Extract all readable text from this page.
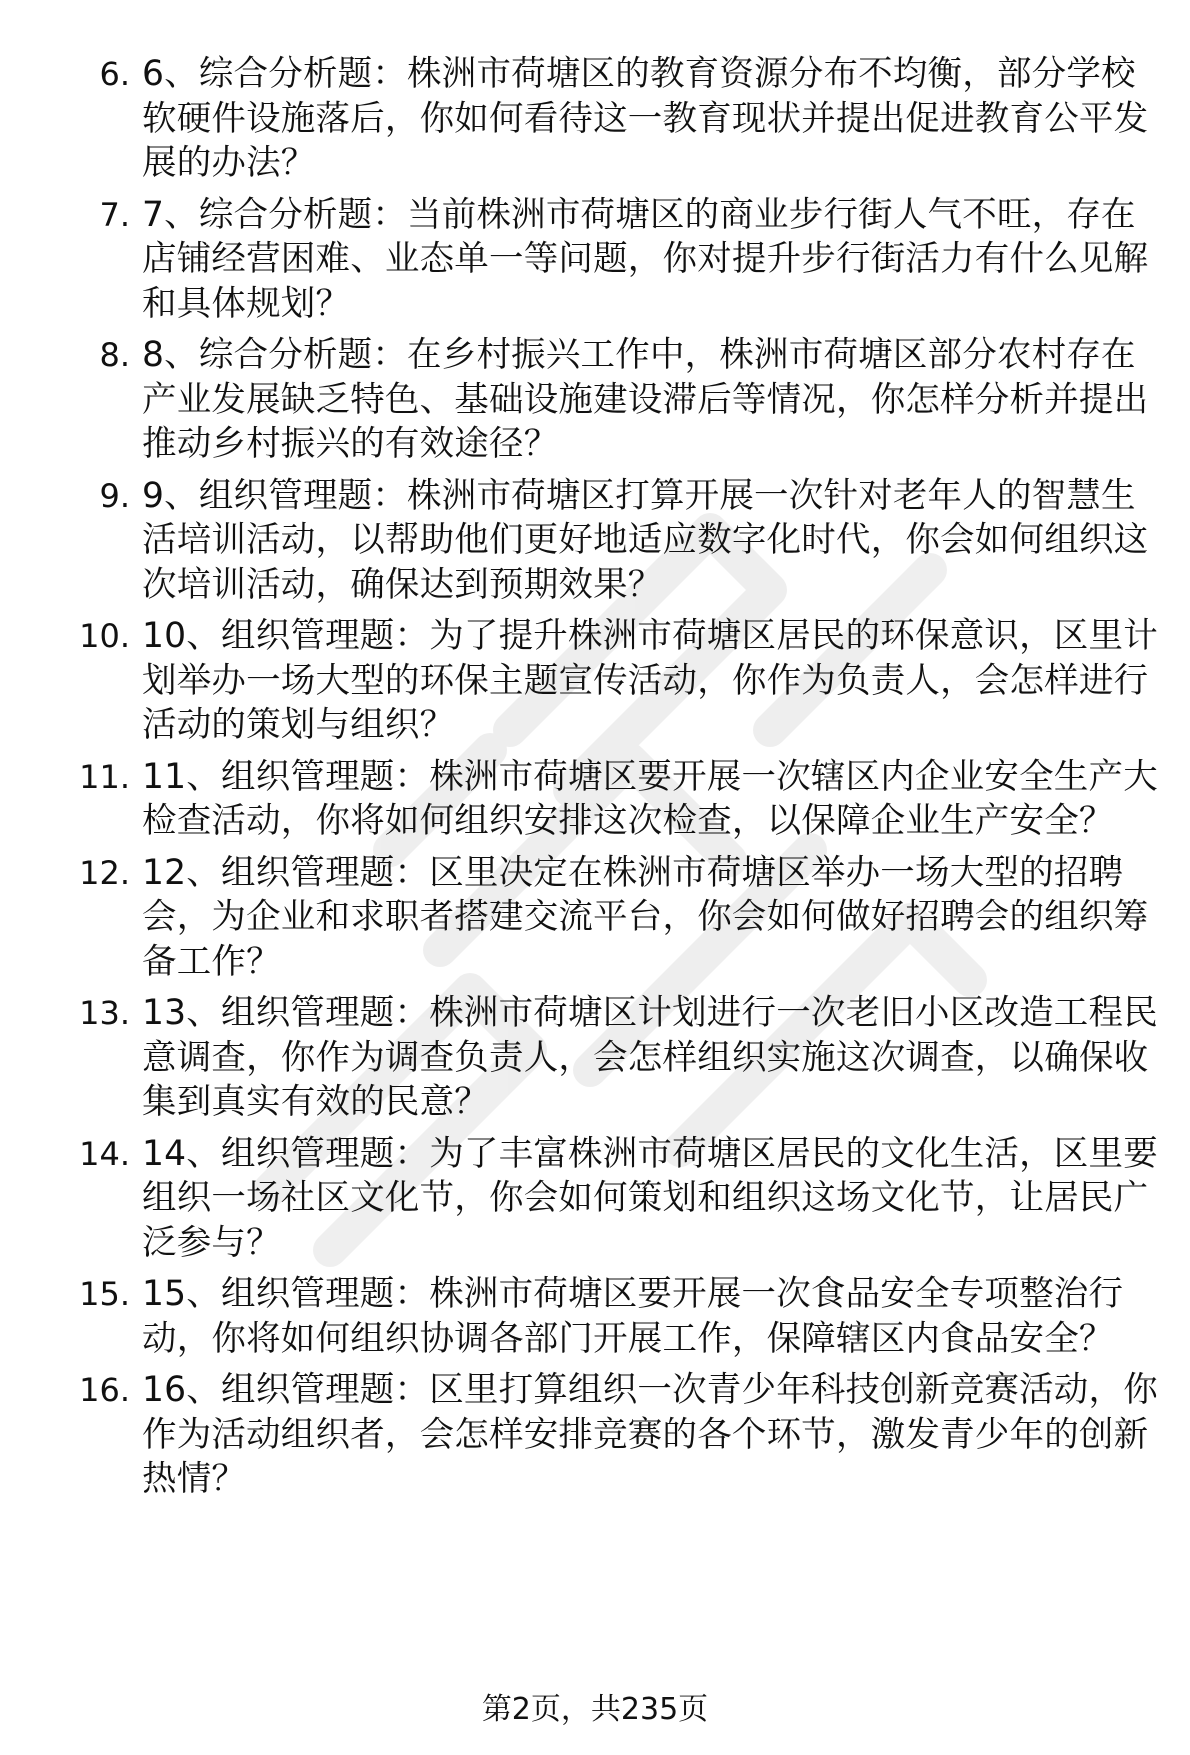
6. 6、综合分析题：株洲市荷塘区的教育资源分布不均衡，部分学校软硬件设施落后，你如何看待这一教育现状并提出促进教育公平发展的办法？
7. 7、综合分析题：当前株洲市荷塘区的商业步行街人气不旺，存在店铺经营困难、业态单一等问题，你对提升步行街活力有什么见解和具体规划？
8. 8、综合分析题：在乡村振兴工作中，株洲市荷塘区部分农村存在产业发展缺乏特色、基础设施建设滞后等情况，你怎样分析并提出推动乡村振兴的有效途径？
9. 9、组织管理题：株洲市荷塘区打算开展一次针对老年人的智慧生活培训活动，以帮助他们更好地适应数字化时代，你会如何组织这次培训活动，确保达到预期效果？
10. 10、组织管理题：为了提升株洲市荷塘区居民的环保意识，区里计划举办一场大型的环保主题宣传活动，你作为负责人，会怎样进行活动的策划与组织？
11. 11、组织管理题：株洲市荷塘区要开展一次辖区内企业安全生产大检查活动，你将如何组织安排这次检查，以保障企业生产安全？
12. 12、组织管理题：区里决定在株洲市荷塘区举办一场大型的招聘会，为企业和求职者搭建交流平台，你会如何做好招聘会的组织筹备工作？
13. 13、组织管理题：株洲市荷塘区计划进行一次老旧小区改造工程民意调查，你作为调查负责人，会怎样组织实施这次调查，以确保收集到真实有效的民意？
14. 14、组织管理题：为了丰富株洲市荷塘区居民的文化生活，区里要组织一场社区文化节，你会如何策划和组织这场文化节，让居民广泛参与？
15. 15、组织管理题：株洲市荷塘区要开展一次食品安全专项整治行动，你将如何组织协调各部门开展工作，保障辖区内食品安全？
16. 16、组织管理题：区里打算组织一次青少年科技创新竞赛活动，你作为活动组织者，会怎样安排竞赛的各个环节，激发青少年的创新热情？
第2页，共235页
